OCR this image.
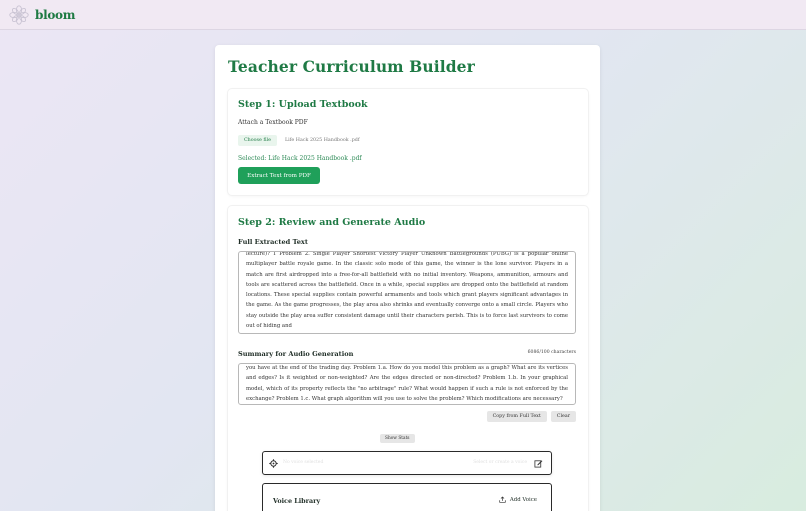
bloom
Teacher Curriculum Builder
Step 1: Upload Textbook
Attach a Textbook PDF
Choose file	Life Hack 2025 Handbook .pdf
Selected: Life Hack 2025 Handbook .pdf
Extract Text from PDF
Step 2: Review and Generate Audio
Full Extracted Text
lecture)? 1 Problem 2. Single Player Shortest Victory Player Unknown Battlegrounds (PUBG) is a popular online multiplayer battle royale game. In the classic solo mode of this game, the winner is the lone survivor. Players in a match are first airdropped into a free-for-all battlefield with no initial inventory. Weapons, ammunition, armours and tools are scattered across the battlefield. Once in a while, special supplies are dropped onto the battlefield at random locations. These special supplies contain powerful armaments and tools which grant players significant advantages in the game. As the game progresses, the play area also shrinks and eventually converge onto a small circle. Players who stay outside the play area suffer consistent damage until their characters perish. This is to force last survivors to come out of hiding and
Summary for Audio Generation	6086/100 characters
you have at the end of the trading day. Problem 1.a. How do you model this problem as a graph? What are its vertices and edges? Is it weighted or non-weighted? Are the edges directed or non-directed? Problem 1.b. In your graphical model, which of its property reflects the "no arbitrage" rule? What would happen if such a rule is not enforced by the exchange? Problem 1.c. What graph algorithm will you use to solve the problem? Which modifications are necessary?
Copy from Full Text	Clear
Show Stats
No voice selected	Select or create a voice
Voice Library	Add Voice
